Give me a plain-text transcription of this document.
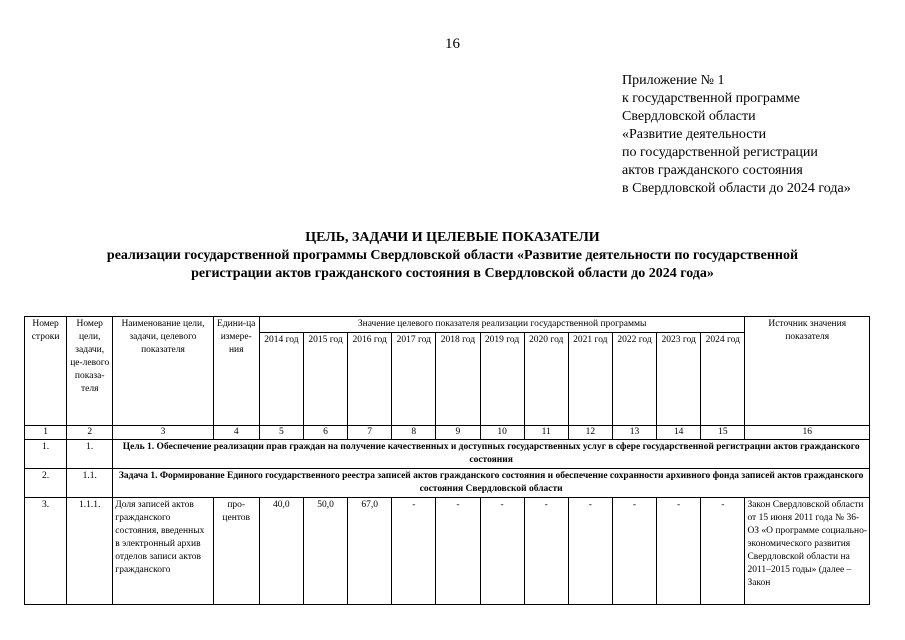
16
Приложение № 1
к государственной программе
Свердловской области
«Развитие деятельности
по государственной регистрации
актов гражданского состояния
в Свердловской области до 2024 года»
ЦЕЛЬ, ЗАДАЧИ И ЦЕЛЕВЫЕ ПОКАЗАТЕЛИ
реализации государственной программы Свердловской области «Развитие деятельности по государственной
регистрации актов гражданского состояния в Свердловской области до 2024 года»
Номер строки	Номер цели, задачи, це-левого показа-теля	Наименование цели, задачи, целевого показателя	Едини-ца измере-ния	Значение целевого показателя реализации государственной программы											Источник значения показателя
				2014 год	2015 год	2016 год	2017 год	2018 год	2019 год	2020 год	2021 год	2022 год	2023 год	2024 год	
1	2	3	4	5	6	7	8	9	10	11	12	13	14	15	16
1.	1.	Цель 1. Обеспечение реализации прав граждан на получение качественных и доступных государственных услуг в сфере государственной регистрации актов гражданского состояния													
2.	1.1.	Задача 1. Формирование Единого государственного реестра записей актов гражданского состояния и обеспечение сохранности архивного фонда записей актов гражданского состояния Свердловской области													
3.	1.1.1.	Доля записей актов гражданского состояния, введенных в электронный архив отделов записи актов гражданского	про-центов	40,0	50,0	67,0	-	-	-	-	-	-	-	-	Закон Свердловской области от 15 июня 2011 года № 36-ОЗ «О программе социально-экономического развития Свердловской области на 2011–2015 годы» (далее – Закон
